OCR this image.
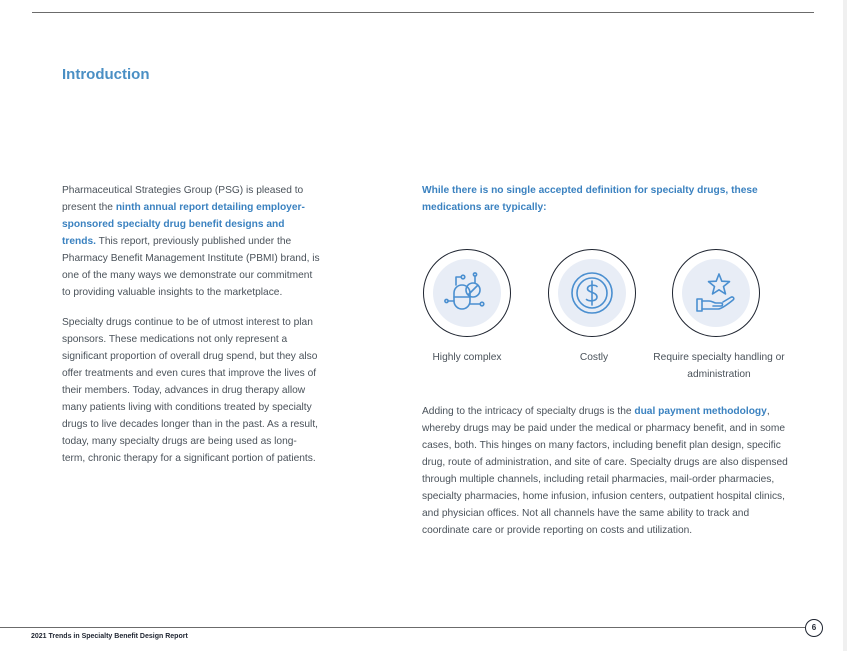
Introduction

Pharmaceutical Strategies Group (PSG) is pleased to present the ninth annual report detailing employer-sponsored specialty drug benefit designs and trends. This report, previously published under the Pharmacy Benefit Management Institute (PBMI) brand, is one of the many ways we demonstrate our commitment to providing valuable insights to the marketplace.

Specialty drugs continue to be of utmost interest to plan sponsors. These medications not only represent a significant proportion of overall drug spend, but they also offer treatments and even cures that improve the lives of their members. Today, advances in drug therapy allow many patients living with conditions treated by specialty drugs to live decades longer than in the past. As a result, today, many specialty drugs are being used as long-term, chronic therapy for a significant portion of patients.

While there is no single accepted definition for specialty drugs, these medications are typically:
Highly complex	Costly	Require specialty handling or administration

Adding to the intricacy of specialty drugs is the dual payment methodology, whereby drugs may be paid under the medical or pharmacy benefit, and in some cases, both. This hinges on many factors, including benefit plan design, specific drug, route of administration, and site of care. Specialty drugs are also dispensed through multiple channels, including retail pharmacies, mail-order pharmacies, specialty pharmacies, home infusion, infusion centers, outpatient hospital clinics, and physician offices. Not all channels have the same ability to track and coordinate care or provide reporting on costs and utilization.

2021 Trends in Specialty Benefit Design Report
6
